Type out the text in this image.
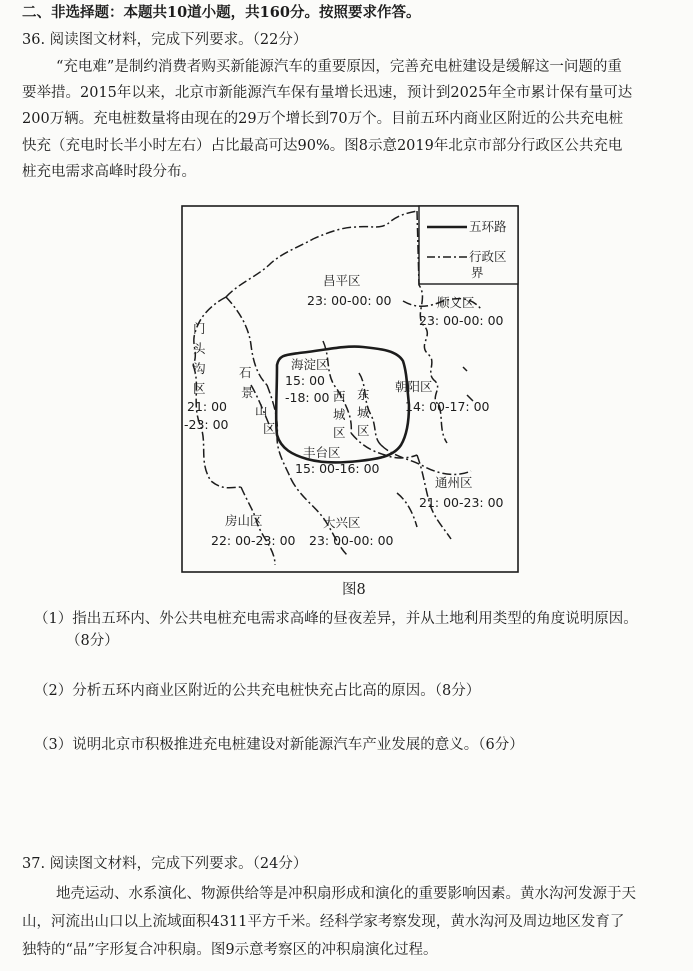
二、非选择题：本题共10道小题，共160分。按照要求作答。
36. 阅读图文材料，完成下列要求。（22分）
“充电难”是制约消费者购买新能源汽车的重要原因，完善充电桩建设是缓解这一问题的重
要举措。2015年以来，北京市新能源汽车保有量增长迅速，预计到2025年全市累计保有量可达
200万辆。充电桩数量将由现在的29万个增长到70万个。目前五环内商业区附近的公共充电桩
快充（充电时长半小时左右）占比最高可达90%。图8示意2019年北京市部分行政区公共充电
桩充电需求高峰时段分布。
五环路
行政区
界
昌平区
23: 00-00: 00	顺义区
23: 00-00: 00
门
头
沟
区
21: 00
-23: 00
石
景
山
区
海淀区
15: 00
-18: 00 西
城
区
东
城
区
朝阳区
14: 00-17: 00
丰台区
15: 00-16: 00
通州区
21: 00-23: 00
房山区
22: 00-23: 00
大兴区
23: 00-00: 00
图8
（1）指出五环内、外公共电桩充电需求高峰的昼夜差异，并从土地利用类型的角度说明原因。
（8分）
（2）分析五环内商业区附近的公共充电桩快充占比高的原因。（8分）
（3）说明北京市积极推进充电桩建设对新能源汽车产业发展的意义。（6分）
37. 阅读图文材料，完成下列要求。（24分）
地壳运动、水系演化、物源供给等是冲积扇形成和演化的重要影响因素。黄水沟河发源于天
山，河流出山口以上流域面积4311平方千米。经科学家考察发现，黄水沟河及周边地区发育了
独特的“品”字形复合冲积扇。图9示意考察区的冲积扇演化过程。
